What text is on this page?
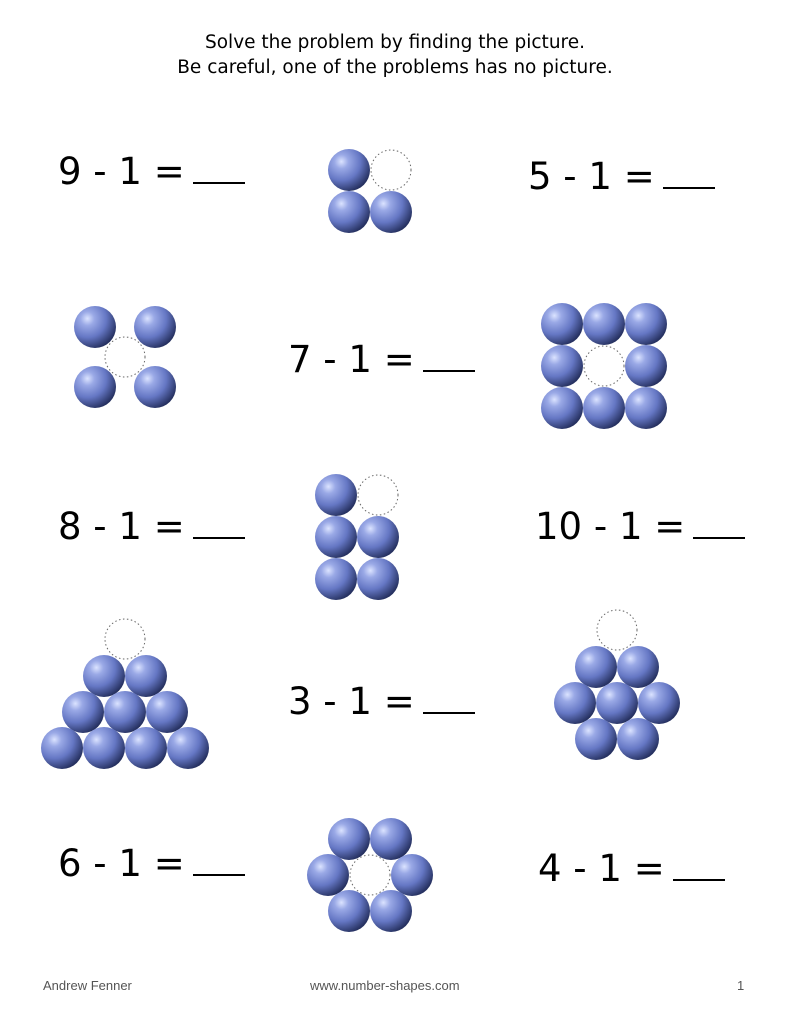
Solve the problem by finding the picture.
Be careful, one of the problems has no picture.
9 - 1 =	5 - 1 =
7 - 1 =
8 - 1 =	10 - 1 =
3 - 1 =
6 - 1 =	4 - 1 =
Andrew Fenner	www.number-shapes.com	1
